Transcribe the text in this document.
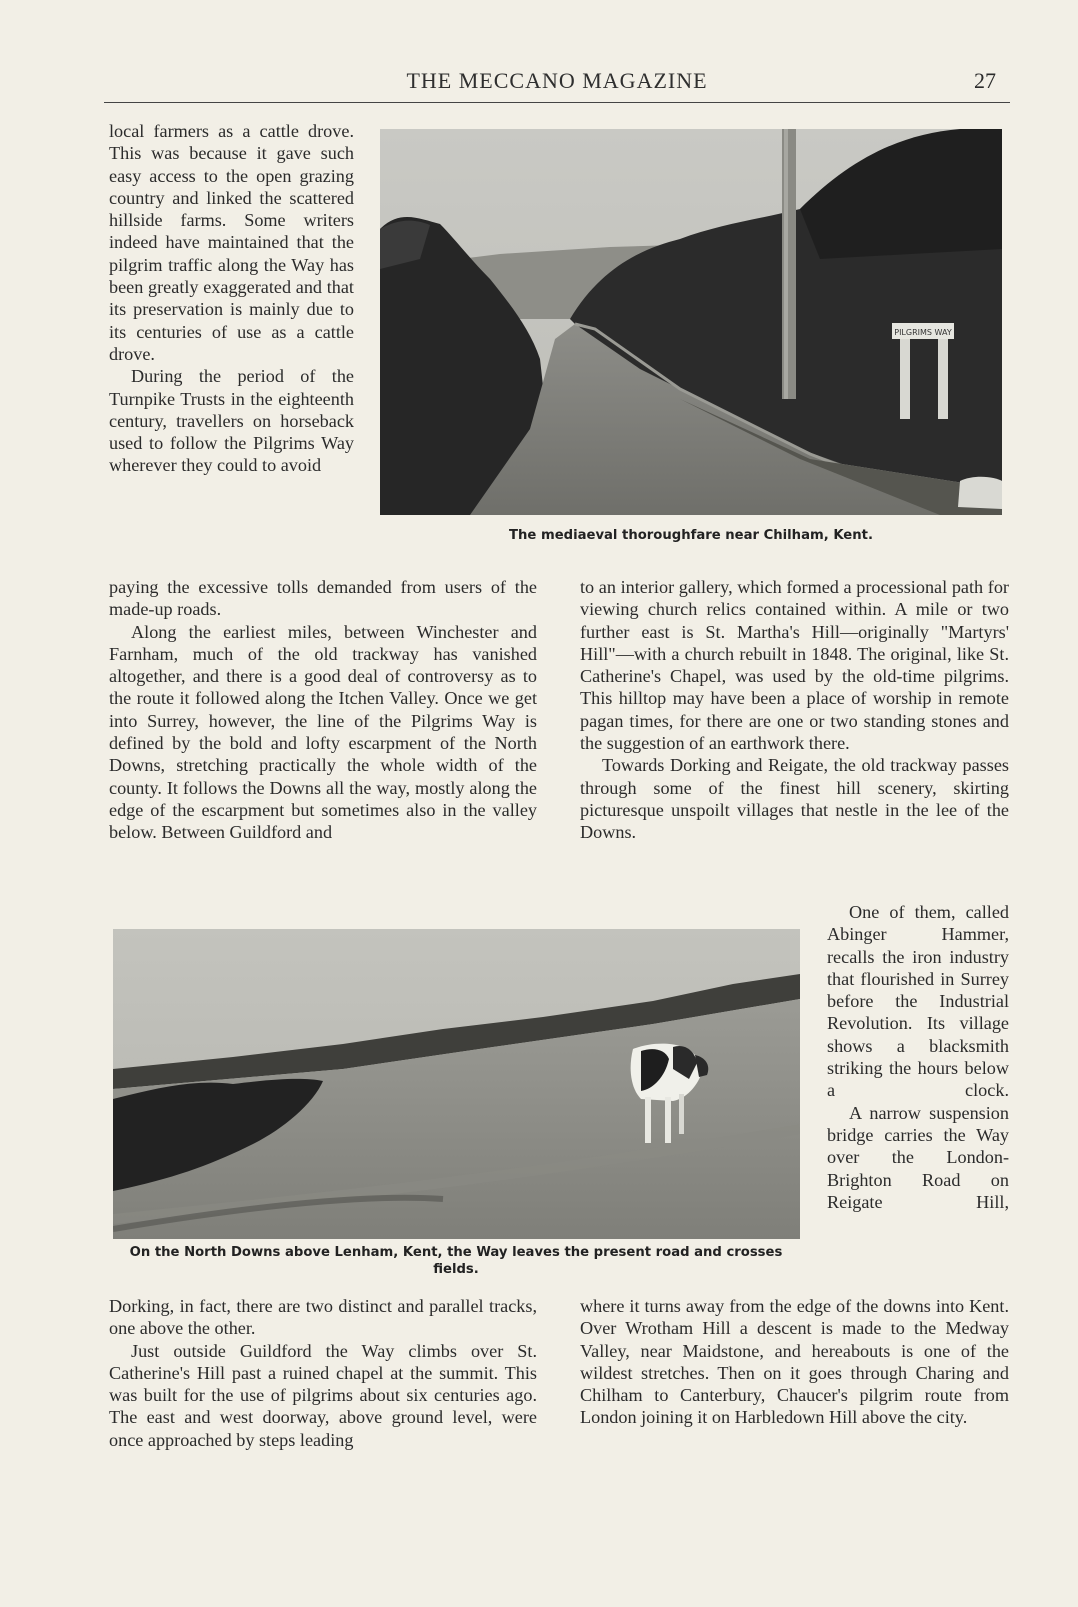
THE MECCANO MAGAZINE	27

local farmers as a cattle drove. This was because it gave such easy access to the open grazing country and linked the scattered hillside farms. Some writers indeed have maintained that the pilgrim traffic along the Way has been greatly exaggerated and that its preservation is mainly due to its centuries of use as a cattle drove.

During the period of the Turnpike Trusts in the eighteenth century, travellers on horseback used to follow the Pilgrims Way wherever they could to avoid

PILGRIMS WAY
The mediaeval thoroughfare near Chilham, Kent.

paying the excessive tolls demanded from users of the made-up roads.

Along the earliest miles, between Winchester and Farnham, much of the old trackway has vanished altogether, and there is a good deal of controversy as to the route it followed along the Itchen Valley. Once we get into Surrey, however, the line of the Pilgrims Way is defined by the bold and lofty escarpment of the North Downs, stretching practically the whole width of the county. It follows the Downs all the way, mostly along the edge of the escarpment but sometimes also in the valley below. Between Guildford and

to an interior gallery, which formed a processional path for viewing church relics contained within. A mile or two further east is St. Martha's Hill—originally "Martyrs' Hill"—with a church rebuilt in 1848. The original, like St. Catherine's Chapel, was used by the old-time pilgrims. This hilltop may have been a place of worship in remote pagan times, for there are one or two standing stones and the suggestion of an earthwork there.

Towards Dorking and Reigate, the old trackway passes through some of the finest hill scenery, skirting picturesque unspoilt villages that nestle in the lee of the Downs.

On the North Downs above Lenham, Kent, the Way leaves the present road and crosses fields.

One of them, called Abinger Hammer, recalls the iron industry that flourished in Surrey before the Industrial Revolution. Its village shows a blacksmith striking the hours below a clock.

A narrow suspension bridge carries the Way over the London-Brighton Road on Reigate Hill,

Dorking, in fact, there are two distinct and parallel tracks, one above the other.

Just outside Guildford the Way climbs over St. Catherine's Hill past a ruined chapel at the summit. This was built for the use of pilgrims about six centuries ago. The east and west doorway, above ground level, were once approached by steps leading

where it turns away from the edge of the downs into Kent. Over Wrotham Hill a descent is made to the Medway Valley, near Maidstone, and hereabouts is one of the wildest stretches. Then on it goes through Charing and Chilham to Canterbury, Chaucer's pilgrim route from London joining it on Harbledown Hill above the city.
